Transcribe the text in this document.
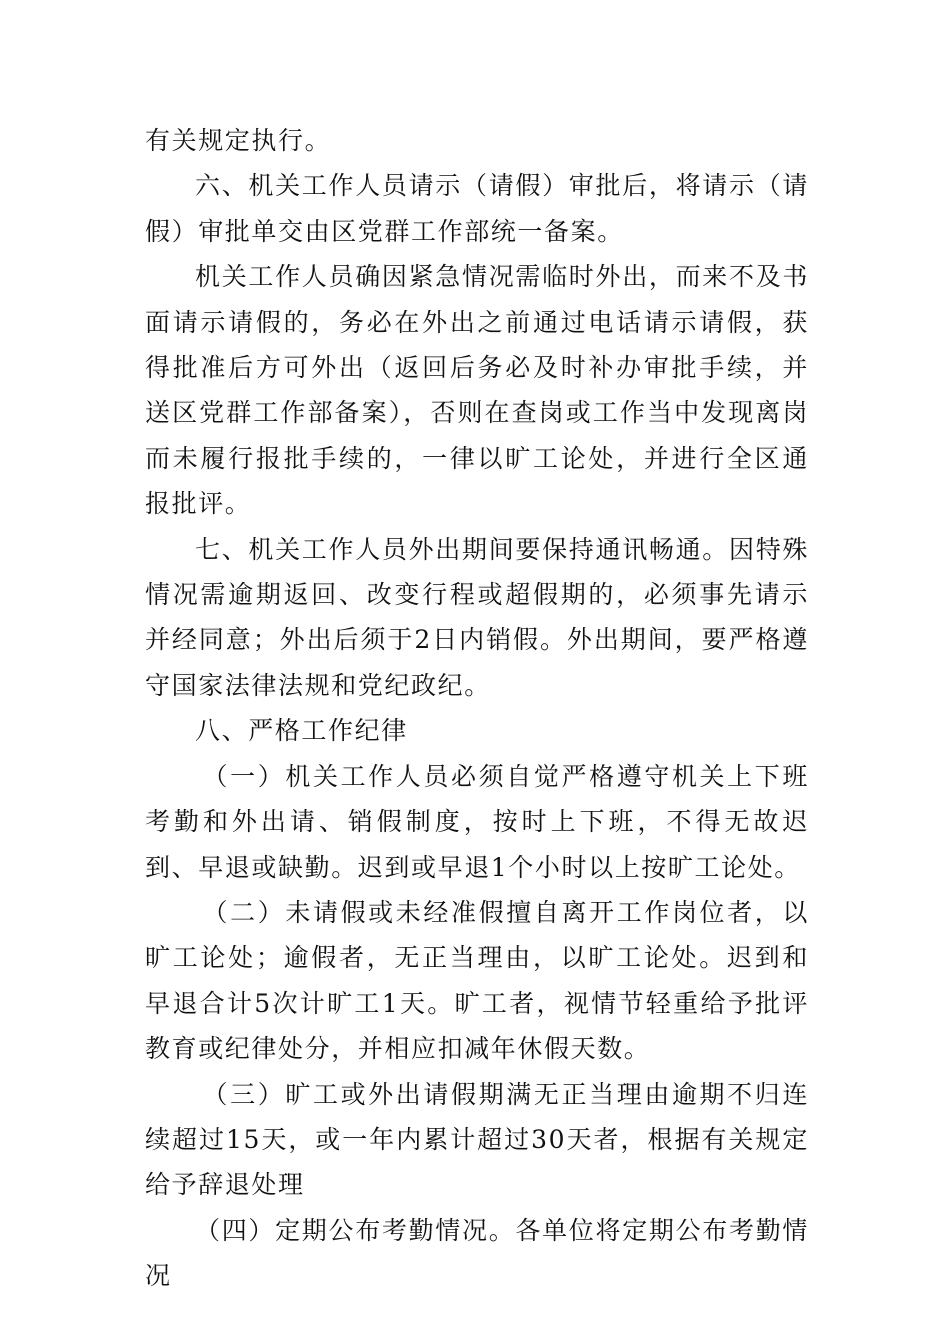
有关规定执行。

六、机关工作人员请示（请假）审批后，将请示（请假）审批单交由区党群工作部统一备案。

机关工作人员确因紧急情况需临时外出，而来不及书面请示请假的，务必在外出之前通过电话请示请假，获得批准后方可外出（返回后务必及时补办审批手续，并送区党群工作部备案），否则在查岗或工作当中发现离岗而未履行报批手续的，一律以旷工论处，并进行全区通报批评。

七、机关工作人员外出期间要保持通讯畅通。因特殊情况需逾期返回、改变行程或超假期的，必须事先请示并经同意；外出后须于2日内销假。外出期间，要严格遵守国家法律法规和党纪政纪。

八、严格工作纪律

（一）机关工作人员必须自觉严格遵守机关上下班考勤和外出请、销假制度，按时上下班，不得无故迟到、早退或缺勤。迟到或早退1个小时以上按旷工论处。

（二）未请假或未经准假擅自离开工作岗位者，以旷工论处；逾假者，无正当理由，以旷工论处。迟到和早退合计5次计旷工1天。旷工者，视情节轻重给予批评教育或纪律处分，并相应扣减年休假天数。

（三）旷工或外出请假期满无正当理由逾期不归连续超过15天，或一年内累计超过30天者，根据有关规定给予辞退处理

（四）定期公布考勤情况。各单位将定期公布考勤情况
